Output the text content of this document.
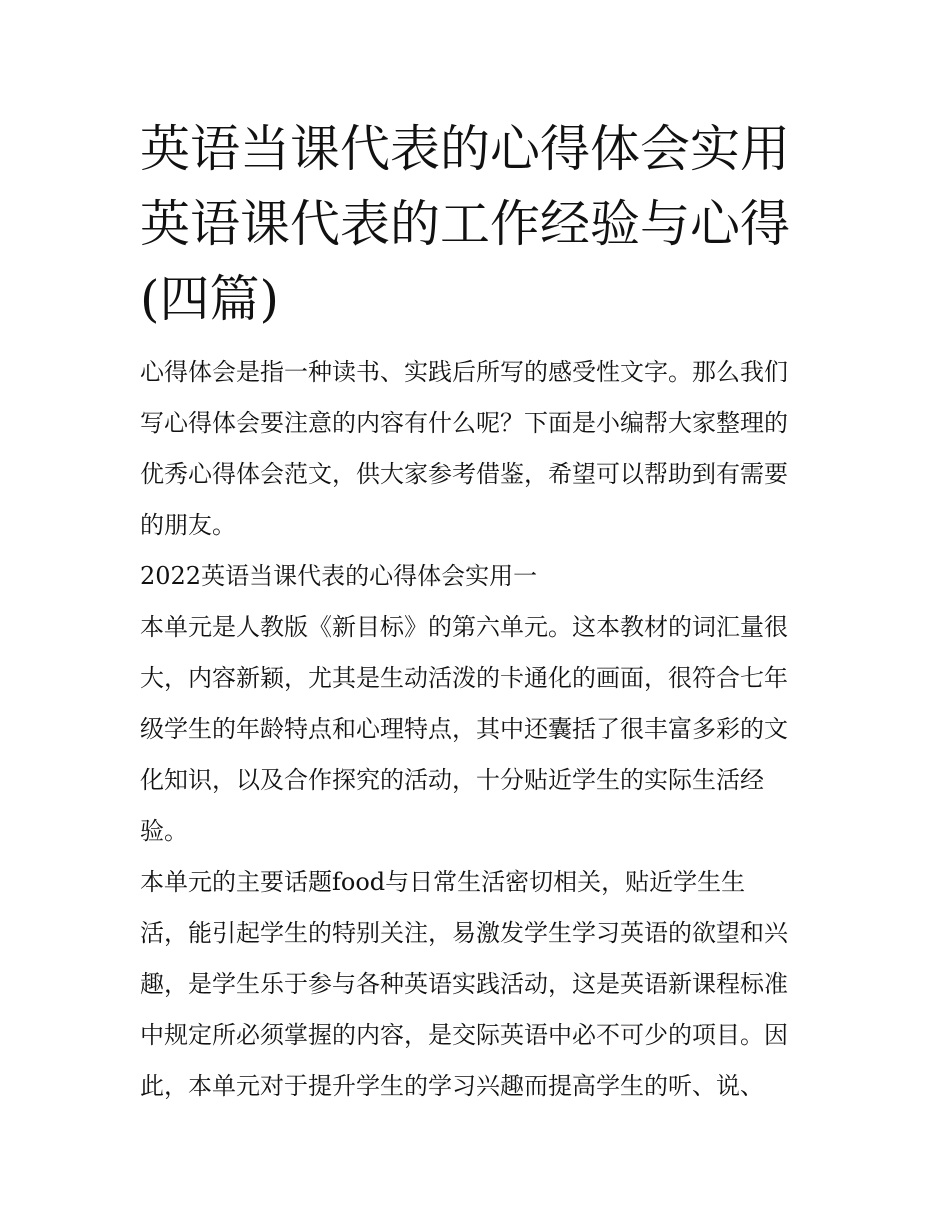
英语当课代表的心得体会实用
英语课代表的工作经验与心得
(四篇)
心得体会是指一种读书、实践后所写的感受性文字。那么我们
写心得体会要注意的内容有什么呢？下面是小编帮大家整理的
优秀心得体会范文，供大家参考借鉴，希望可以帮助到有需要
的朋友。
2022英语当课代表的心得体会实用一
本单元是人教版《新目标》的第六单元。这本教材的词汇量很
大，内容新颖，尤其是生动活泼的卡通化的画面，很符合七年
级学生的年龄特点和心理特点，其中还囊括了很丰富多彩的文
化知识，以及合作探究的活动，十分贴近学生的实际生活经
验。
本单元的主要话题food与日常生活密切相关，贴近学生生
活，能引起学生的特别关注，易激发学生学习英语的欲望和兴
趣，是学生乐于参与各种英语实践活动，这是英语新课程标准
中规定所必须掌握的内容，是交际英语中必不可少的项目。因
此，本单元对于提升学生的学习兴趣而提高学生的听、说、
